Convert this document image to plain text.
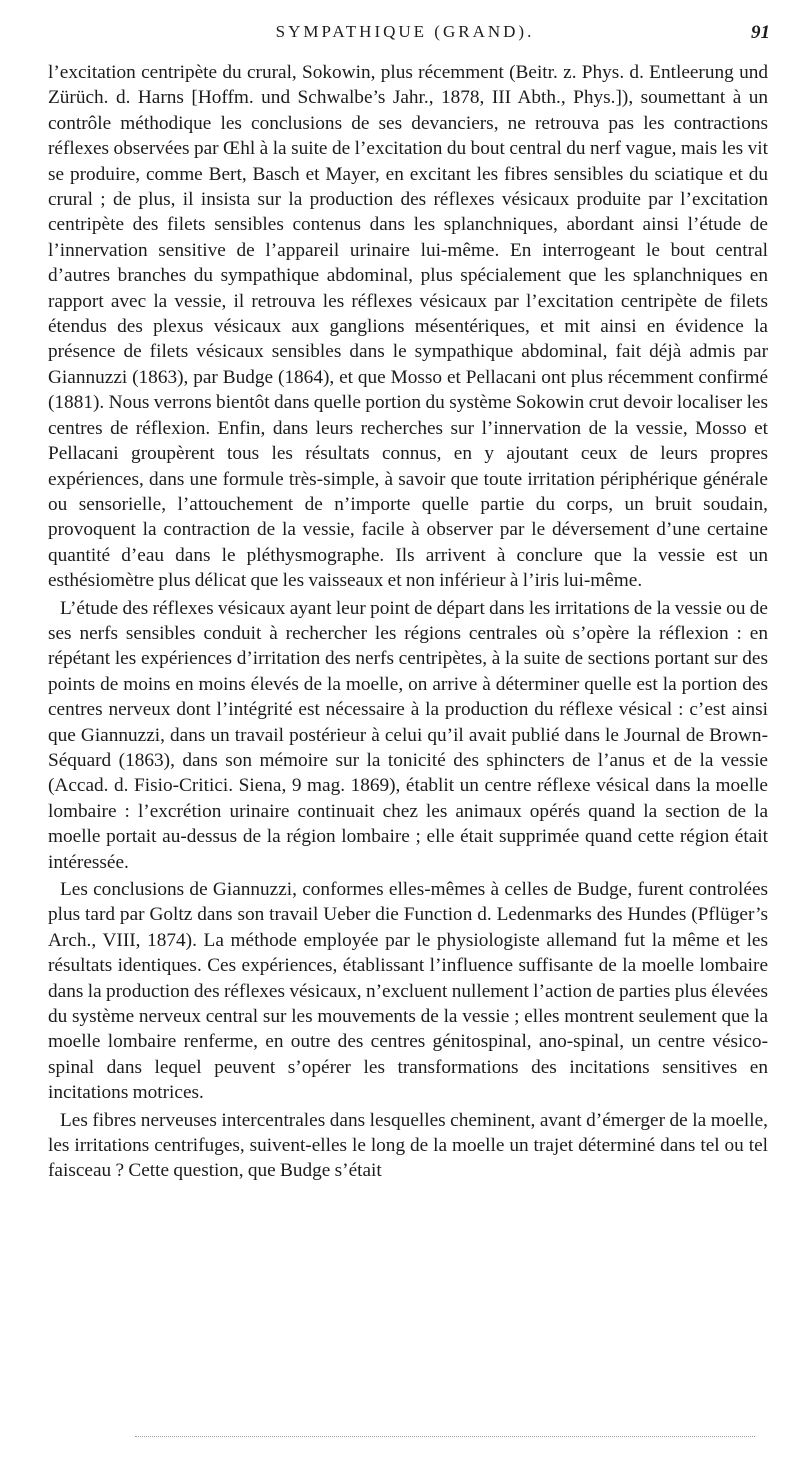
SYMPATHIQUE (GRAND).	91

l’excitation centripète du crural, Sokowin, plus récemment (Beitr. z. Phys. d. Entleerung und Zürüch. d. Harns [Hoffm. und Schwalbe’s Jahr., 1878, III Abth., Phys.]), soumettant à un contrôle méthodique les conclusions de ses devanciers, ne retrouva pas les contractions réflexes observées par Œhl à la suite de l’excitation du bout central du nerf vague, mais les vit se produire, comme Bert, Basch et Mayer, en excitant les fibres sensibles du sciatique et du crural ; de plus, il insista sur la production des réflexes vésicaux produite par l’excitation centripète des filets sensibles contenus dans les splanchniques, abordant ainsi l’étude de l’innervation sensitive de l’appareil urinaire lui-même. En interrogeant le bout central d’autres branches du sympathique abdominal, plus spécialement que les splanchniques en rapport avec la vessie, il retrouva les réflexes vésicaux par l’excitation centripète de filets étendus des plexus vésicaux aux ganglions mésentériques, et mit ainsi en évidence la présence de filets vésicaux sensibles dans le sympathique abdominal, fait déjà admis par Giannuzzi (1863), par Budge (1864), et que Mosso et Pellacani ont plus récemment confirmé (1881). Nous verrons bientôt dans quelle portion du système Sokowin crut devoir localiser les centres de réflexion. Enfin, dans leurs recherches sur l’innervation de la vessie, Mosso et Pellacani groupèrent tous les résultats connus, en y ajoutant ceux de leurs propres expériences, dans une formule très-simple, à savoir que toute irritation périphérique générale ou sensorielle, l’attouchement de n’importe quelle partie du corps, un bruit soudain, provoquent la contraction de la vessie, facile à observer par le déversement d’une certaine quantité d’eau dans le pléthysmographe. Ils arrivent à conclure que la vessie est un esthésiomètre plus délicat que les vaisseaux et non inférieur à l’iris lui-même.

L’étude des réflexes vésicaux ayant leur point de départ dans les irritations de la vessie ou de ses nerfs sensibles conduit à rechercher les régions centrales où s’opère la réflexion : en répétant les expériences d’irritation des nerfs centripètes, à la suite de sections portant sur des points de moins en moins élevés de la moelle, on arrive à déterminer quelle est la portion des centres nerveux dont l’intégrité est nécessaire à la production du réflexe vésical : c’est ainsi que Giannuzzi, dans un travail postérieur à celui qu’il avait publié dans le Journal de Brown-Séquard (1863), dans son mémoire sur la tonicité des sphincters de l’anus et de la vessie (Accad. d. Fisio-Critici. Siena, 9 mag. 1869), établit un centre réflexe vésical dans la moelle lombaire : l’excrétion urinaire continuait chez les animaux opérés quand la section de la moelle portait au-dessus de la région lombaire ; elle était supprimée quand cette région était intéressée.

Les conclusions de Giannuzzi, conformes elles-mêmes à celles de Budge, furent controlées plus tard par Goltz dans son travail Ueber die Function d. Ledenmarks des Hundes (Pflüger’s Arch., VIII, 1874). La méthode employée par le physiologiste allemand fut la même et les résultats identiques. Ces expériences, établissant l’influence suffisante de la moelle lombaire dans la production des réflexes vésicaux, n’excluent nullement l’action de parties plus élevées du système nerveux central sur les mouvements de la vessie ; elles montrent seulement que la moelle lombaire renferme, en outre des centres génitospinal, ano-spinal, un centre vésico-spinal dans lequel peuvent s’opérer les transformations des incitations sensitives en incitations motrices.

Les fibres nerveuses intercentrales dans lesquelles cheminent, avant d’émerger de la moelle, les irritations centrifuges, suivent-elles le long de la moelle un trajet déterminé dans tel ou tel faisceau ? Cette question, que Budge s’était
